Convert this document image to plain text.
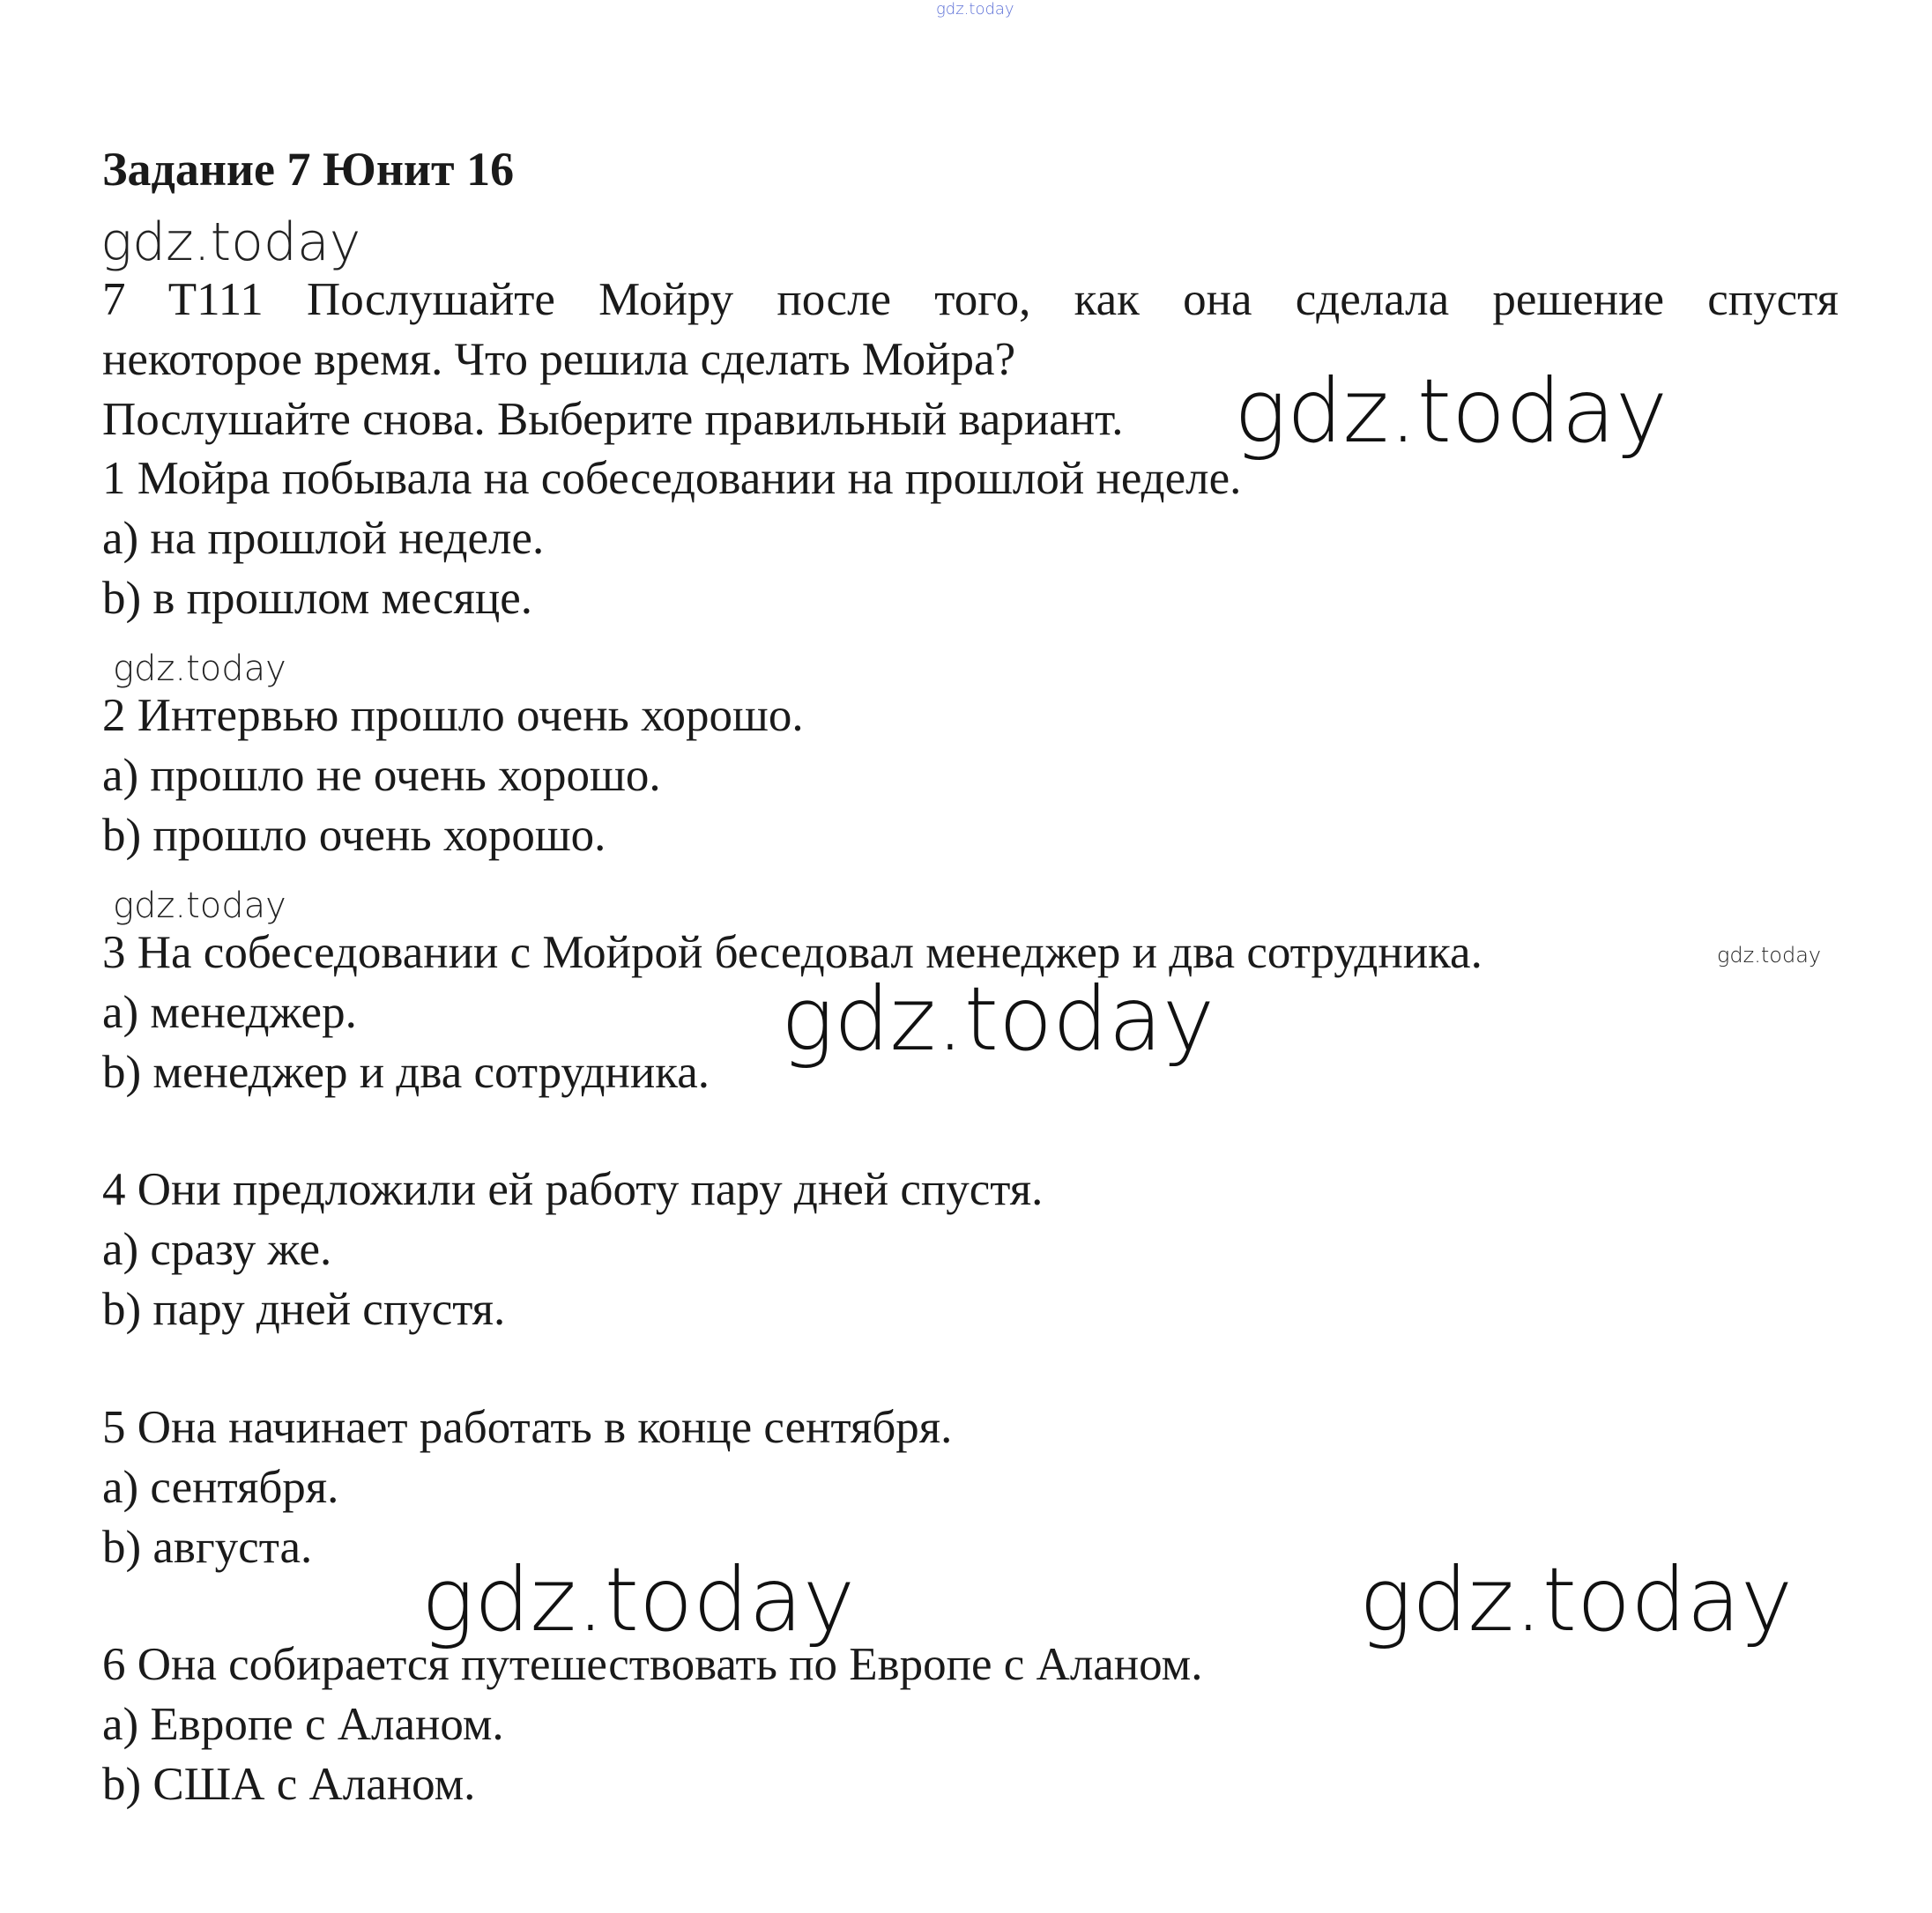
gdz.today
Задание 7 Юнит 16
gdz.today
7 T111 Послушайте Мойру после того, как она сделала решение спустя
некоторое время. Что решила сделать Мойра?
Послушайте снова. Выберите правильный вариант. gdz.today
1 Мойра побывала на собеседовании на прошлой неделе.
a) на прошлой неделе.
b) в прошлом месяце.
gdz.today
2 Интервью прошло очень хорошо.
a) прошло не очень хорошо.
b) прошло очень хорошо.
gdz.today
3 На собеседовании с Мойрой беседовал менеджер и два сотрудника.	gdz.today
a) менеджер.
b) менеджер и два сотрудника.
gdz.today
4 Они предложили ей работу пару дней спустя.
a) сразу же.
b) пару дней спустя.
5 Она начинает работать в конце сентября.
a) сентября.
b) августа.
gdz.today	gdz.today
6 Она собирается путешествовать по Европе с Аланом.
a) Европе с Аланом.
b) США с Аланом.
